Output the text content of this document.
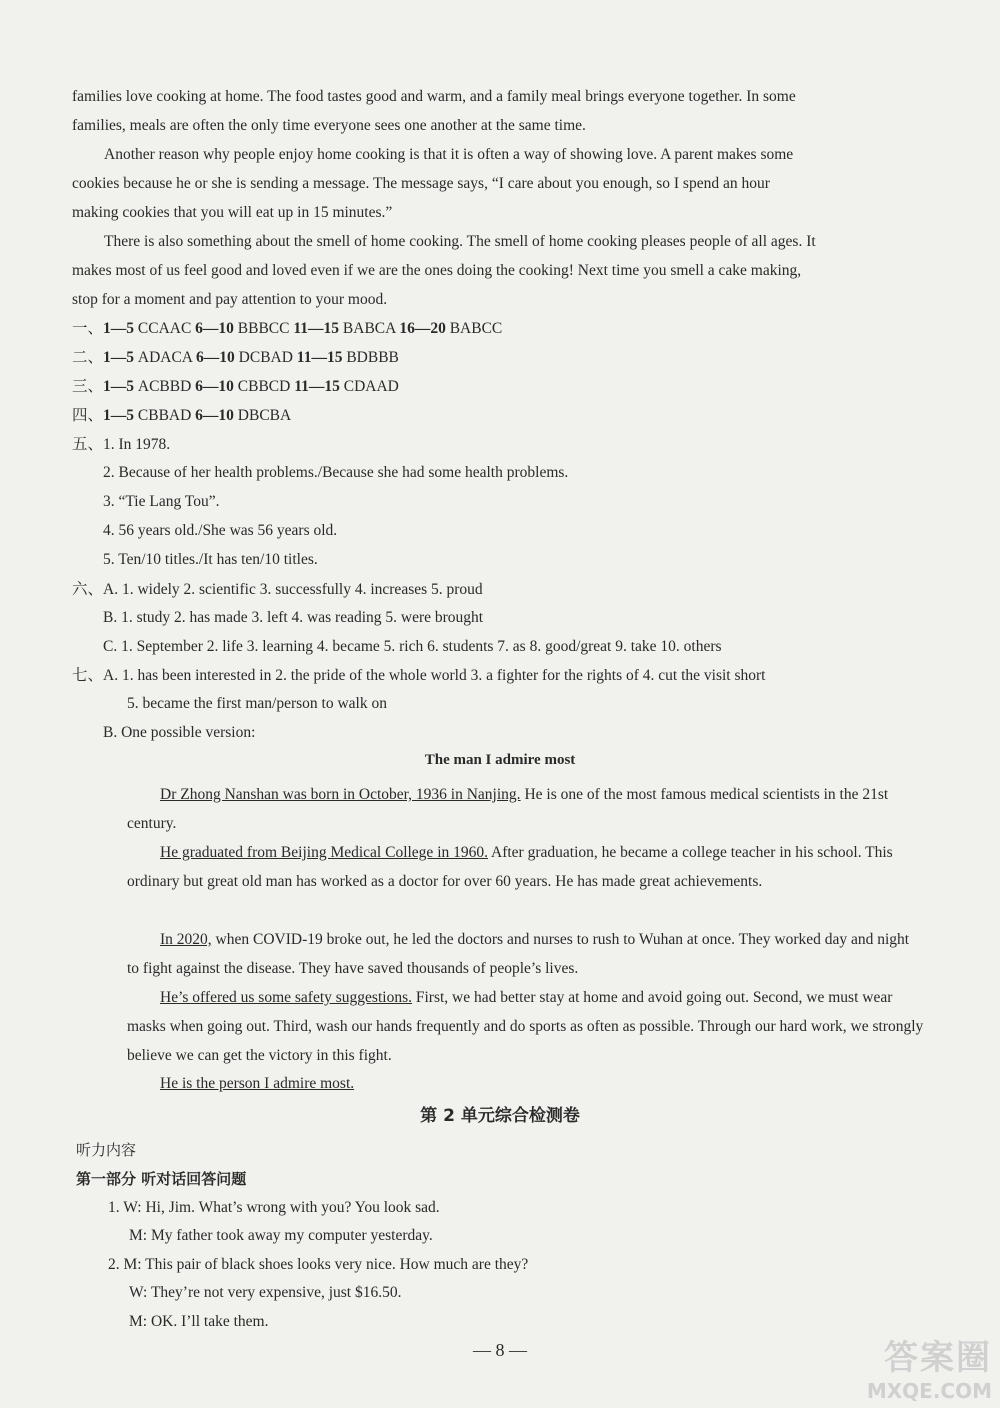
families love cooking at home. The food tastes good and warm, and a family meal brings everyone together. In some
families, meals are often the only time everyone sees one another at the same time.
Another reason why people enjoy home cooking is that it is often a way of showing love. A parent makes some
cookies because he or she is sending a message. The message says, “I care about you enough, so I spend an hour
making cookies that you will eat up in 15 minutes.”
There is also something about the smell of home cooking. The smell of home cooking pleases people of all ages. It
makes most of us feel good and loved even if we are the ones doing the cooking! Next time you smell a cake making,
stop for a moment and pay attention to your mood.
一、1—5 CCAAC 6—10 BBBCC 11—15 BABCA 16—20 BABCC
二、1—5 ADACA 6—10 DCBAD 11—15 BDBBB
三、1—5 ACBBD 6—10 CBBCD 11—15 CDAAD
四、1—5 CBBAD 6—10 DBCBA
五、1. In 1978.
2. Because of her health problems./Because she had some health problems.
3. “Tie Lang Tou”.
4. 56 years old./She was 56 years old.
5. Ten/10 titles./It has ten/10 titles.
六、A. 1. widely 2. scientific 3. successfully 4. increases 5. proud
B. 1. study 2. has made 3. left 4. was reading 5. were brought
C. 1. September 2. life 3. learning 4. became 5. rich 6. students 7. as 8. good/great 9. take 10. others
七、A. 1. has been interested in 2. the pride of the whole world 3. a fighter for the rights of 4. cut the visit short
5. became the first man/person to walk on
B. One possible version:
The man I admire most
Dr Zhong Nanshan was born in October, 1936 in Nanjing. He is one of the most famous medical scientists in the 21st century.
He graduated from Beijing Medical College in 1960. After graduation, he became a college teacher in his school. This ordinary but great old man has worked as a doctor for over 60 years. He has made great achievements.
In 2020, when COVID-19 broke out, he led the doctors and nurses to rush to Wuhan at once. They worked day and night to fight against the disease. They have saved thousands of people’s lives.
He’s offered us some safety suggestions. First, we had better stay at home and avoid going out. Second, we must wear masks when going out. Third, wash our hands frequently and do sports as often as possible. Through our hard work, we strongly believe we can get the victory in this fight.
He is the person I admire most.
第 2 单元综合检测卷
听力内容
第一部分 听对话回答问题
1. W: Hi, Jim. What’s wrong with you? You look sad.
M: My father took away my computer yesterday.
2. M: This pair of black shoes looks very nice. How much are they?
W: They’re not very expensive, just $16.50.
M: OK. I’ll take them.
— 8 —	答案圈
MXQE.COM
